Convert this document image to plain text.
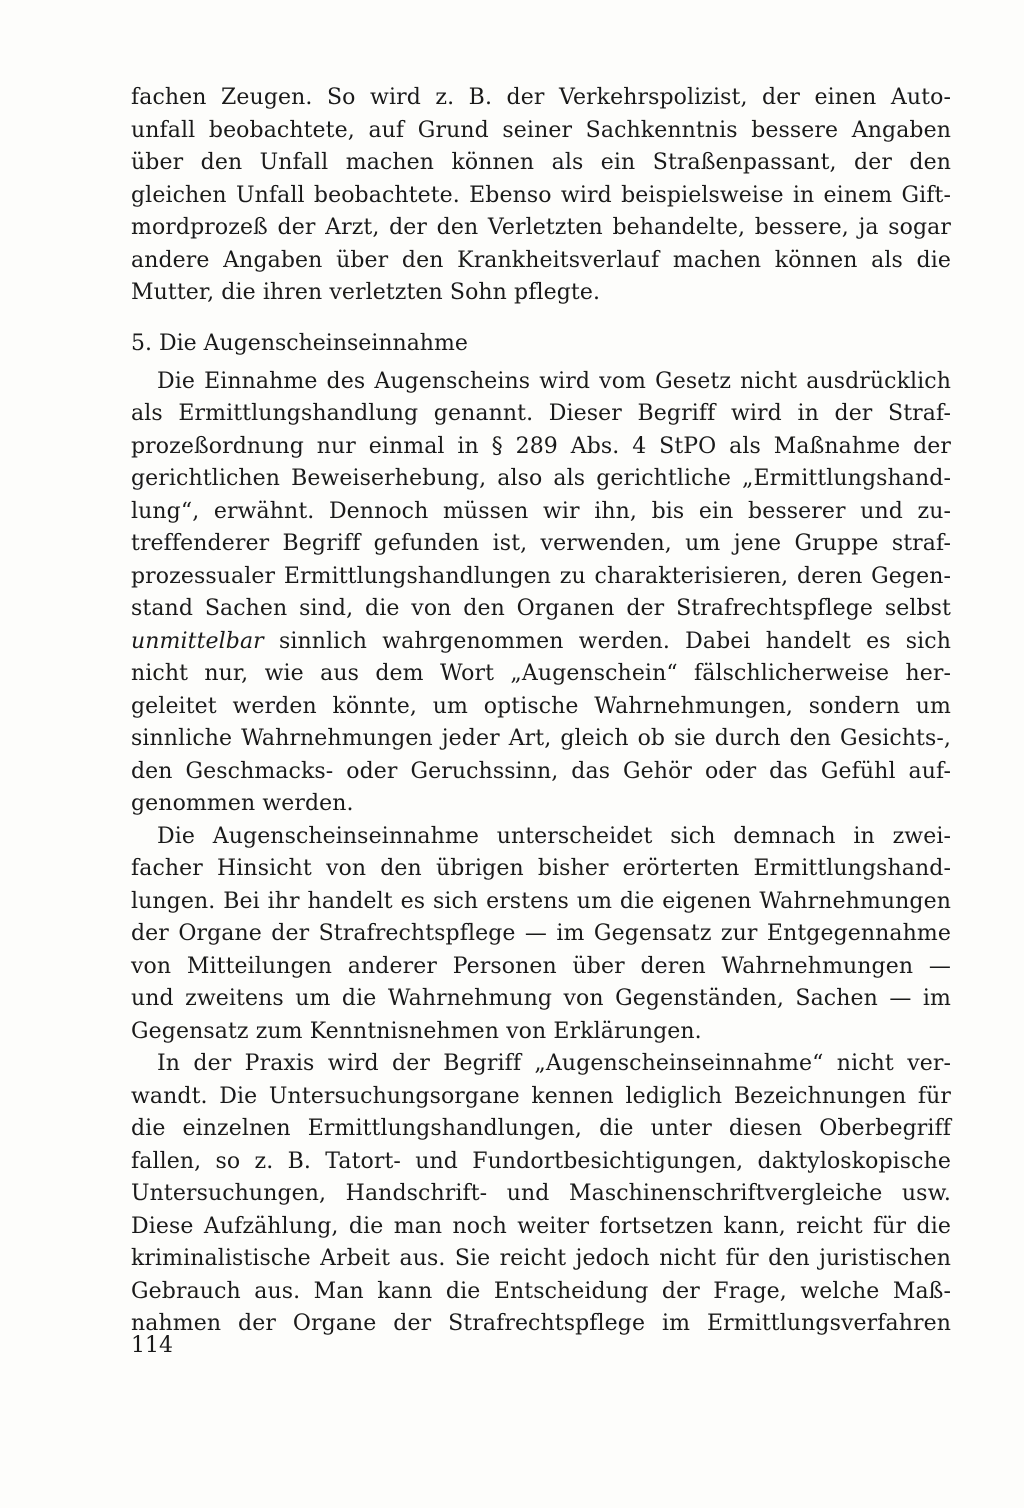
fachen Zeugen. So wird z. B. der Verkehrspolizist, der einen Auto-
unfall beobachtete, auf Grund seiner Sachkenntnis bessere Angaben
über den Unfall machen können als ein Straßenpassant, der den
gleichen Unfall beobachtete. Ebenso wird beispielsweise in einem Gift-
mordprozeß der Arzt, der den Verletzten behandelte, bessere, ja sogar
andere Angaben über den Krankheitsverlauf machen können als die
Mutter, die ihren verletzten Sohn pflegte.
5. Die Augenscheinseinnahme
Die Einnahme des Augenscheins wird vom Gesetz nicht ausdrücklich
als Ermittlungshandlung genannt. Dieser Begriff wird in der Straf-
prozeßordnung nur einmal in § 289 Abs. 4 StPO als Maßnahme der
gerichtlichen Beweiserhebung, also als gerichtliche „Ermittlungshand-
lung“, erwähnt. Dennoch müssen wir ihn, bis ein besserer und zu-
treffenderer Begriff gefunden ist, verwenden, um jene Gruppe straf-
prozessualer Ermittlungshandlungen zu charakterisieren, deren Gegen-
stand Sachen sind, die von den Organen der Strafrechtspflege selbst
unmittelbar sinnlich wahrgenommen werden. Dabei handelt es sich
nicht nur, wie aus dem Wort „Augenschein“ fälschlicherweise her-
geleitet werden könnte, um optische Wahrnehmungen, sondern um
sinnliche Wahrnehmungen jeder Art, gleich ob sie durch den Gesichts-,
den Geschmacks- oder Geruchssinn, das Gehör oder das Gefühl auf-
genommen werden.
Die Augenscheinseinnahme unterscheidet sich demnach in zwei-
facher Hinsicht von den übrigen bisher erörterten Ermittlungshand-
lungen. Bei ihr handelt es sich erstens um die eigenen Wahrnehmungen
der Organe der Strafrechtspflege — im Gegensatz zur Entgegennahme
von Mitteilungen anderer Personen über deren Wahrnehmungen —
und zweitens um die Wahrnehmung von Gegenständen, Sachen — im
Gegensatz zum Kenntnisnehmen von Erklärungen.
In der Praxis wird der Begriff „Augenscheinseinnahme“ nicht ver-
wandt. Die Untersuchungsorgane kennen lediglich Bezeichnungen für
die einzelnen Ermittlungshandlungen, die unter diesen Oberbegriff
fallen, so z. B. Tatort- und Fundortbesichtigungen, daktyloskopische
Untersuchungen, Handschrift- und Maschinenschriftvergleiche usw.
Diese Aufzählung, die man noch weiter fortsetzen kann, reicht für die
kriminalistische Arbeit aus. Sie reicht jedoch nicht für den juristischen
Gebrauch aus. Man kann die Entscheidung der Frage, welche Maß-
nahmen der Organe der Strafrechtspflege im Ermittlungsverfahren
114
